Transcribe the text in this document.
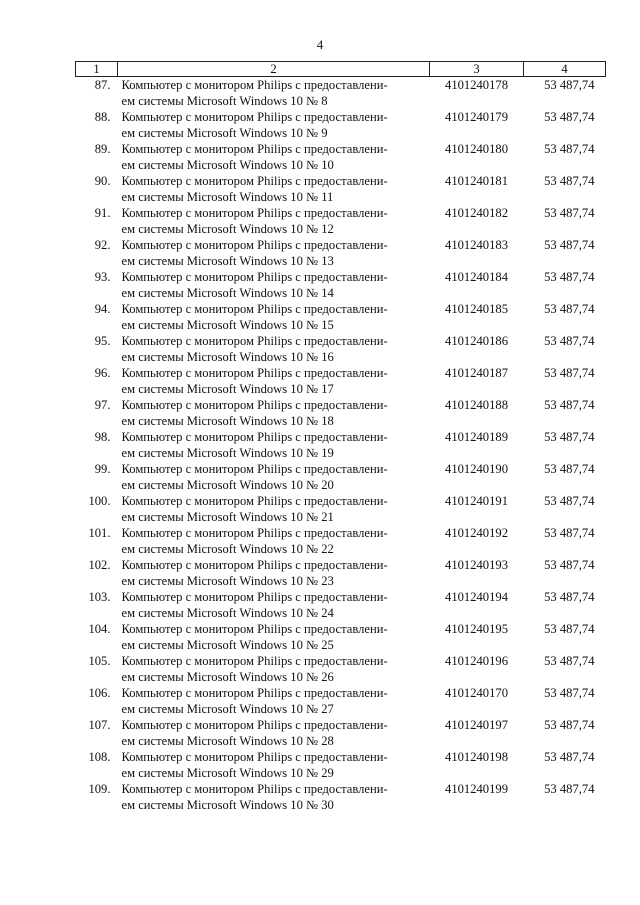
4
1	2	3	4
87.	Компьютер с монитором Philips с предоставлени-
ем системы Microsoft Windows 10 № 8	4101240178	53 487,74
88.	Компьютер с монитором Philips с предоставлени-
ем системы Microsoft Windows 10 № 9	4101240179	53 487,74
89.	Компьютер с монитором Philips с предоставлени-
ем системы Microsoft Windows 10 № 10	4101240180	53 487,74
90.	Компьютер с монитором Philips с предоставлени-
ем системы Microsoft Windows 10 № 11	4101240181	53 487,74
91.	Компьютер с монитором Philips с предоставлени-
ем системы Microsoft Windows 10 № 12	4101240182	53 487,74
92.	Компьютер с монитором Philips с предоставлени-
ем системы Microsoft Windows 10 № 13	4101240183	53 487,74
93.	Компьютер с монитором Philips с предоставлени-
ем системы Microsoft Windows 10 № 14	4101240184	53 487,74
94.	Компьютер с монитором Philips с предоставлени-
ем системы Microsoft Windows 10 № 15	4101240185	53 487,74
95.	Компьютер с монитором Philips с предоставлени-
ем системы Microsoft Windows 10 № 16	4101240186	53 487,74
96.	Компьютер с монитором Philips с предоставлени-
ем системы Microsoft Windows 10 № 17	4101240187	53 487,74
97.	Компьютер с монитором Philips с предоставлени-
ем системы Microsoft Windows 10 № 18	4101240188	53 487,74
98.	Компьютер с монитором Philips с предоставлени-
ем системы Microsoft Windows 10 № 19	4101240189	53 487,74
99.	Компьютер с монитором Philips с предоставлени-
ем системы Microsoft Windows 10 № 20	4101240190	53 487,74
100.	Компьютер с монитором Philips с предоставлени-
ем системы Microsoft Windows 10 № 21	4101240191	53 487,74
101.	Компьютер с монитором Philips с предоставлени-
ем системы Microsoft Windows 10 № 22	4101240192	53 487,74
102.	Компьютер с монитором Philips с предоставлени-
ем системы Microsoft Windows 10 № 23	4101240193	53 487,74
103.	Компьютер с монитором Philips с предоставлени-
ем системы Microsoft Windows 10 № 24	4101240194	53 487,74
104.	Компьютер с монитором Philips с предоставлени-
ем системы Microsoft Windows 10 № 25	4101240195	53 487,74
105.	Компьютер с монитором Philips с предоставлени-
ем системы Microsoft Windows 10 № 26	4101240196	53 487,74
106.	Компьютер с монитором Philips с предоставлени-
ем системы Microsoft Windows 10 № 27	4101240170	53 487,74
107.	Компьютер с монитором Philips с предоставлени-
ем системы Microsoft Windows 10 № 28	4101240197	53 487,74
108.	Компьютер с монитором Philips с предоставлени-
ем системы Microsoft Windows 10 № 29	4101240198	53 487,74
109.	Компьютер с монитором Philips с предоставлени-
ем системы Microsoft Windows 10 № 30	4101240199	53 487,74
